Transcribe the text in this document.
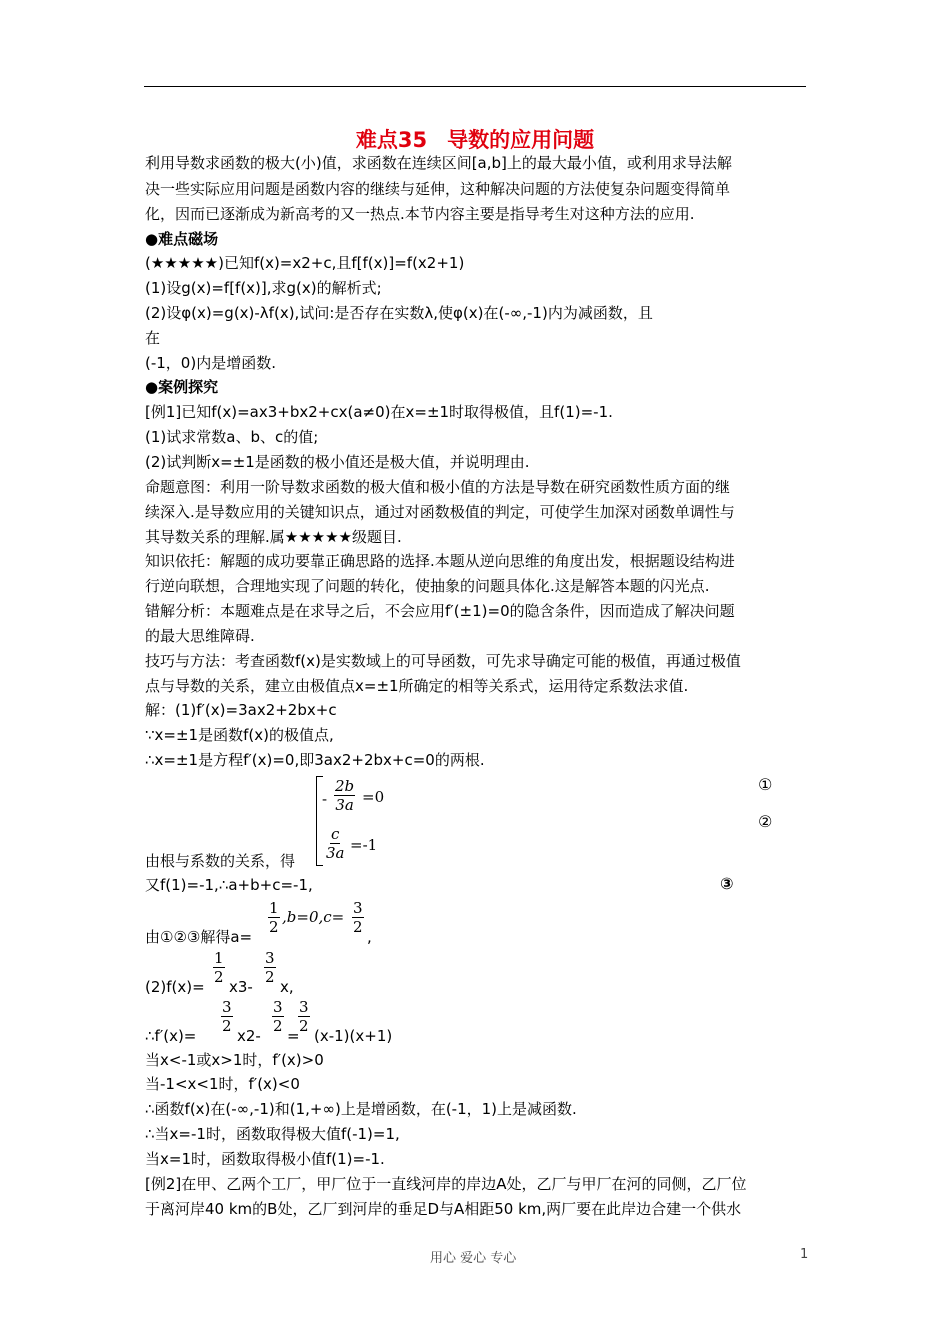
难点35 导数的应用问题
利用导数求函数的极大(小)值，求函数在连续区间[a,b]上的最大最小值，或利用求导法解
决一些实际应用问题是函数内容的继续与延伸，这种解决问题的方法使复杂问题变得简单
化，因而已逐渐成为新高考的又一热点.本节内容主要是指导考生对这种方法的应用.
●难点磁场
(★★★★★)已知f(x)=x2+c,且f[f(x)]=f(x2+1)
(1)设g(x)=f[f(x)],求g(x)的解析式;
(2)设φ(x)=g(x)-λf(x),试问:是否存在实数λ,使φ(x)在(-∞,-1)内为减函数，且
在
(-1，0)内是增函数.
●案例探究
[例1]已知f(x)=ax3+bx2+cx(a≠0)在x=±1时取得极值，且f(1)=-1.
(1)试求常数a、b、c的值;
(2)试判断x=±1是函数的极小值还是极大值，并说明理由.
命题意图：利用一阶导数求函数的极大值和极小值的方法是导数在研究函数性质方面的继
续深入.是导数应用的关键知识点，通过对函数极值的判定，可使学生加深对函数单调性与
其导数关系的理解.属★★★★★级题目.
知识依托：解题的成功要靠正确思路的选择.本题从逆向思维的角度出发，根据题设结构进
行逆向联想，合理地实现了问题的转化，使抽象的问题具体化.这是解答本题的闪光点.
错解分析：本题难点是在求导之后，不会应用f′(±1)=0的隐含条件，因而造成了解决问题
的最大思维障碍.
技巧与方法：考查函数f(x)是实数域上的可导函数，可先求导确定可能的极值，再通过极值
点与导数的关系，建立由极值点x=±1所确定的相等关系式，运用待定系数法求值.
解：(1)f′(x)=3ax2+2bx+c
∵x=±1是函数f(x)的极值点,
∴x=±1是方程f′(x)=0,即3ax2+2bx+c=0的两根.
- $\frac{2b}{3a} =0$
$\frac{c}{3a} =-1$
①
②
由根与系数的关系，得
又f(1)=-1,∴a+b+c=-1,	③
由①②③解得a=
$\frac{1}{2} ,b=0,c= \frac{3}{2}$
,
(2)f(x)=
$\frac{1}{2}$
x3-
$\frac{3}{2}$
x,
∴f′(x)=
$\frac{3}{2}$
x2-
$\frac{3}{2}$
=
$\frac{3}{2}$
(x-1)(x+1)
当x<-1或x>1时，f′(x)>0
当-1<x<1时，f′(x)<0
∴函数f(x)在(-∞,-1)和(1,+∞)上是增函数，在(-1，1)上是减函数.
∴当x=-1时，函数取得极大值f(-1)=1,
当x=1时，函数取得极小值f(1)=-1.
[例2]在甲、乙两个工厂，甲厂位于一直线河岸的岸边A处，乙厂与甲厂在河的同侧，乙厂位
于离河岸40 km的B处，乙厂到河岸的垂足D与A相距50 km,两厂要在此岸边合建一个供水
用心 爱心 专心	1
